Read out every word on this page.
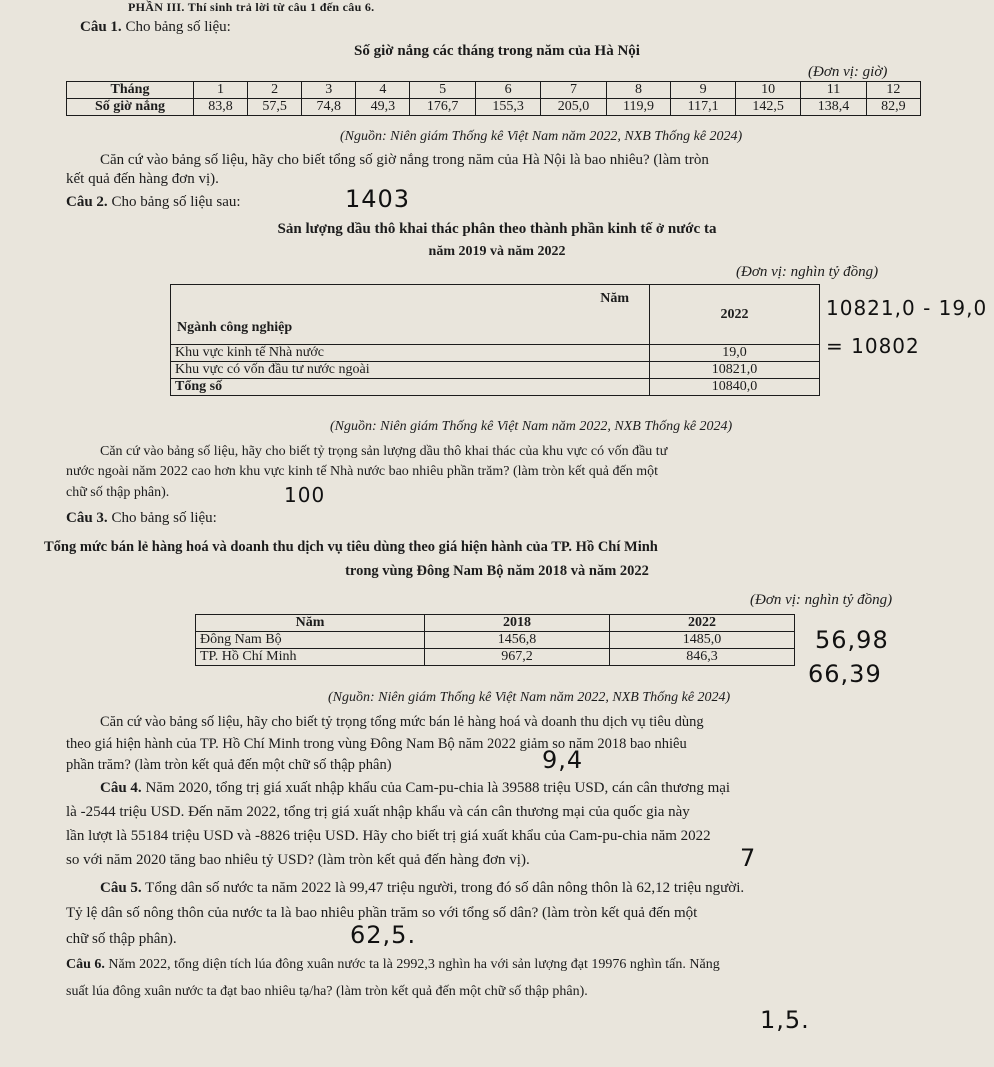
PHẦN III. Thí sinh trả lời từ câu 1 đến câu 6.
Câu 1. Cho bảng số liệu:
Số giờ nắng các tháng trong năm của Hà Nội
(Đơn vị: giờ)
Tháng	1	2	3	4	5	6	7	8	9	10	11	12
Số giờ nắng	83,8	57,5	74,8	49,3	176,7	155,3	205,0	119,9	117,1	142,5	138,4	82,9
(Nguồn: Niên giám Thống kê Việt Nam năm 2022, NXB Thống kê 2024)
Căn cứ vào bảng số liệu, hãy cho biết tổng số giờ nắng trong năm của Hà Nội là bao nhiêu? (làm tròn
kết quả đến hàng đơn vị).
1403
Câu 2. Cho bảng số liệu sau:
Sản lượng dầu thô khai thác phân theo thành phần kinh tế ở nước ta
năm 2019 và năm 2022
(Đơn vị: nghìn tỷ đồng)
Năm
Ngành công nghiệp	2022
Khu vực kinh tế Nhà nước	19,0
Khu vực có vốn đầu tư nước ngoài	10821,0
Tổng số	10840,0
10821,0 - 19,0
= 10802
(Nguồn: Niên giám Thống kê Việt Nam năm 2022, NXB Thống kê 2024)
Căn cứ vào bảng số liệu, hãy cho biết tỷ trọng sản lượng dầu thô khai thác của khu vực có vốn đầu tư
nước ngoài năm 2022 cao hơn khu vực kinh tế Nhà nước bao nhiêu phần trăm? (làm tròn kết quả đến một
chữ số thập phân).	100
Câu 3. Cho bảng số liệu:
Tổng mức bán lẻ hàng hoá và doanh thu dịch vụ tiêu dùng theo giá hiện hành của TP. Hồ Chí Minh
trong vùng Đông Nam Bộ năm 2018 và năm 2022
(Đơn vị: nghìn tỷ đồng)
Năm	2018	2022
Đông Nam Bộ	1456,8	1485,0
TP. Hồ Chí Minh	967,2	846,3
56,98
66,39
(Nguồn: Niên giám Thống kê Việt Nam năm 2022, NXB Thống kê 2024)
Căn cứ vào bảng số liệu, hãy cho biết tỷ trọng tổng mức bán lẻ hàng hoá và doanh thu dịch vụ tiêu dùng
theo giá hiện hành của TP. Hồ Chí Minh trong vùng Đông Nam Bộ năm 2022 giảm so năm 2018 bao nhiêu
phần trăm? (làm tròn kết quả đến một chữ số thập phân)	9,4
Câu 4. Năm 2020, tổng trị giá xuất nhập khẩu của Cam-pu-chia là 39588 triệu USD, cán cân thương mại
là -2544 triệu USD. Đến năm 2022, tổng trị giá xuất nhập khẩu và cán cân thương mại của quốc gia này
lần lượt là 55184 triệu USD và -8826 triệu USD. Hãy cho biết trị giá xuất khẩu của Cam-pu-chia năm 2022
so với năm 2020 tăng bao nhiêu tỷ USD? (làm tròn kết quả đến hàng đơn vị).	7
Câu 5. Tổng dân số nước ta năm 2022 là 99,47 triệu người, trong đó số dân nông thôn là 62,12 triệu người.
Tỷ lệ dân số nông thôn của nước ta là bao nhiêu phần trăm so với tổng số dân? (làm tròn kết quả đến một
chữ số thập phân).	62,5.
Câu 6. Năm 2022, tổng diện tích lúa đông xuân nước ta là 2992,3 nghìn ha với sản lượng đạt 19976 nghìn tấn. Năng
suất lúa đông xuân nước ta đạt bao nhiêu tạ/ha? (làm tròn kết quả đến một chữ số thập phân).
1,5.
